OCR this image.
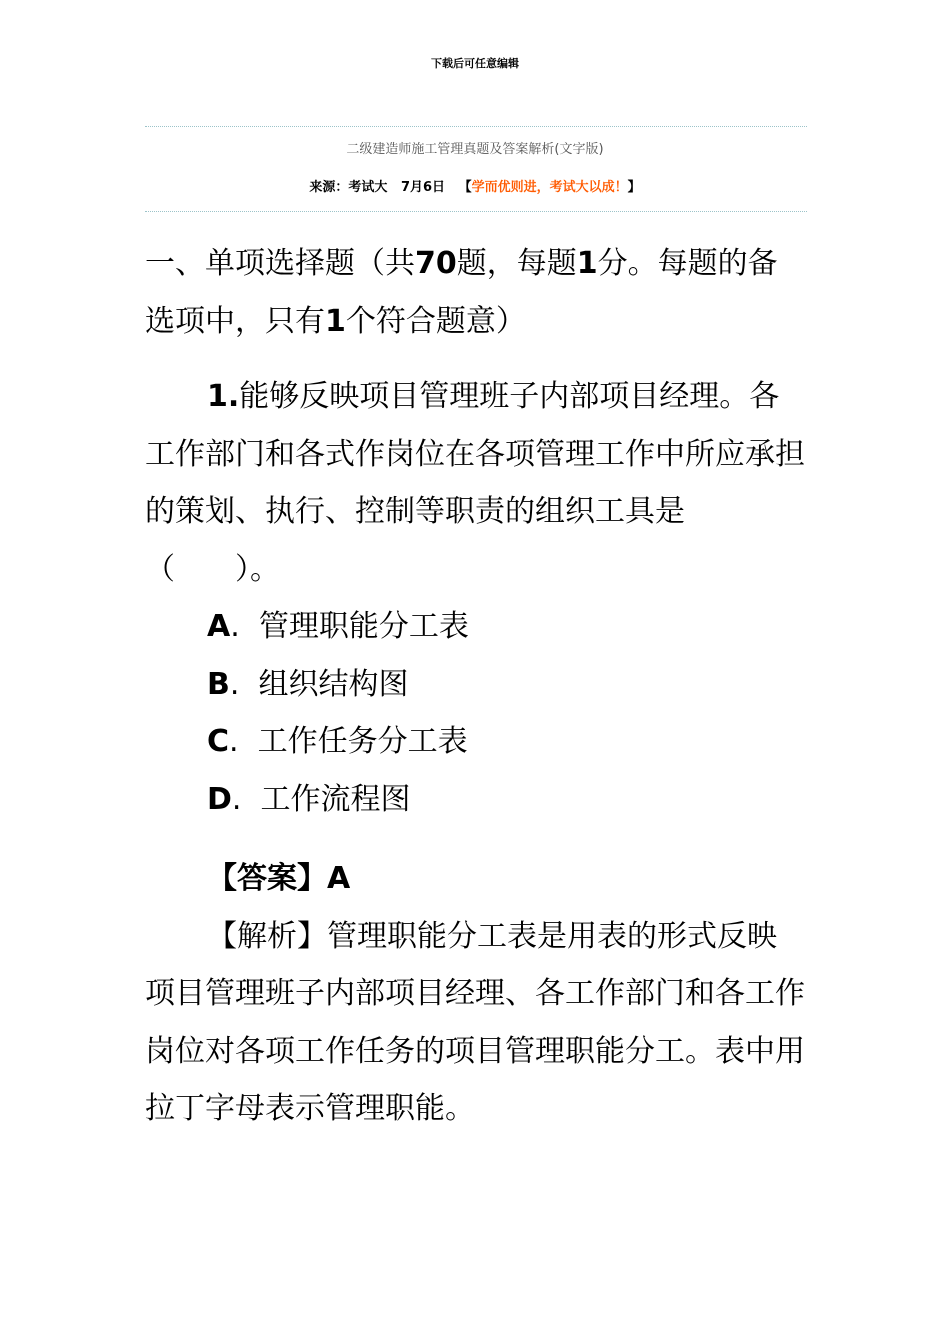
下载后可任意编辑
二级建造师施工管理真题及答案解析(文字版)
来源：考试大 7月6日 【学而优则进，考试大以成！】

一、单项选择题（共70题，每题1分。每题的备选项中，只有1个符合题意）

1.能够反映项目管理班子内部项目经理。各工作部门和各式作岗位在各项管理工作中所应承担的策划、执行、控制等职责的组织工具是（　　）。

A. 管理职能分工表

B. 组织结构图

C. 工作任务分工表

D. 工作流程图

【答案】A

【解析】管理职能分工表是用表的形式反映项目管理班子内部项目经理、各工作部门和各工作岗位对各项工作任务的项目管理职能分工。表中用拉丁字母表示管理职能。
